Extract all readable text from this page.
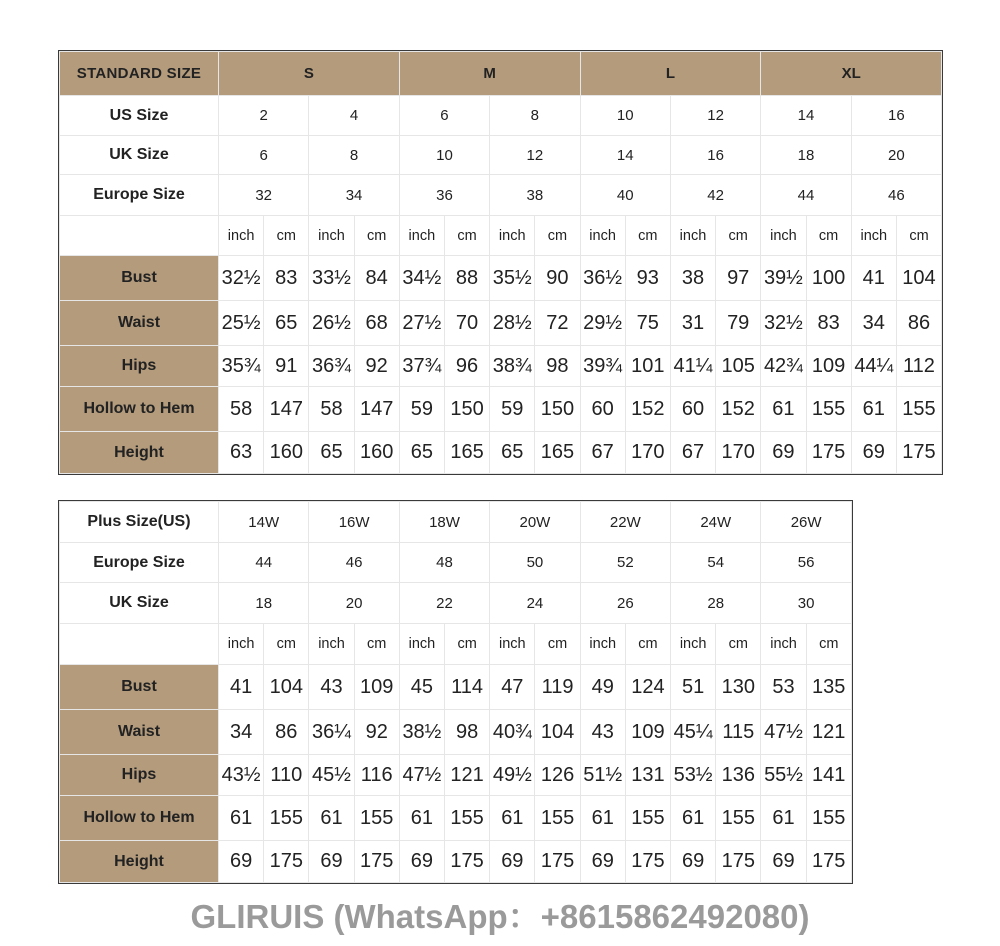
STANDARD SIZE	S				M				L				XL			
US Size	2		4		6		8		10		12		14		16	
UK Size	6		8		10		12		14		16		18		20	
Europe Size	32		34		36		38		40		42		44		46	
	inch	cm	inch	cm	inch	cm	inch	cm	inch	cm	inch	cm	inch	cm	inch	cm
Bust	32½	83	33½	84	34½	88	35½	90	36½	93	38	97	39½	100	41	104
Waist	25½	65	26½	68	27½	70	28½	72	29½	75	31	79	32½	83	34	86
Hips	35¾	91	36¾	92	37¾	96	38¾	98	39¾	101	41¼	105	42¾	109	44¼	112
Hollow to Hem	58	147	58	147	59	150	59	150	60	152	60	152	61	155	61	155
Height	63	160	65	160	65	165	65	165	67	170	67	170	69	175	69	175
Plus Size(US)	14W		16W		18W		20W		22W		24W		26W	
Europe Size	44		46		48		50		52		54		56	
UK Size	18		20		22		24		26		28		30	
	inch	cm	inch	cm	inch	cm	inch	cm	inch	cm	inch	cm	inch	cm
Bust	41	104	43	109	45	114	47	119	49	124	51	130	53	135
Waist	34	86	36¼	92	38½	98	40¾	104	43	109	45¼	115	47½	121
Hips	43½	110	45½	116	47½	121	49½	126	51½	131	53½	136	55½	141
Hollow to Hem	61	155	61	155	61	155	61	155	61	155	61	155	61	155
Height	69	175	69	175	69	175	69	175	69	175	69	175	69	175
GLIRUIS (WhatsApp：+8615862492080)
